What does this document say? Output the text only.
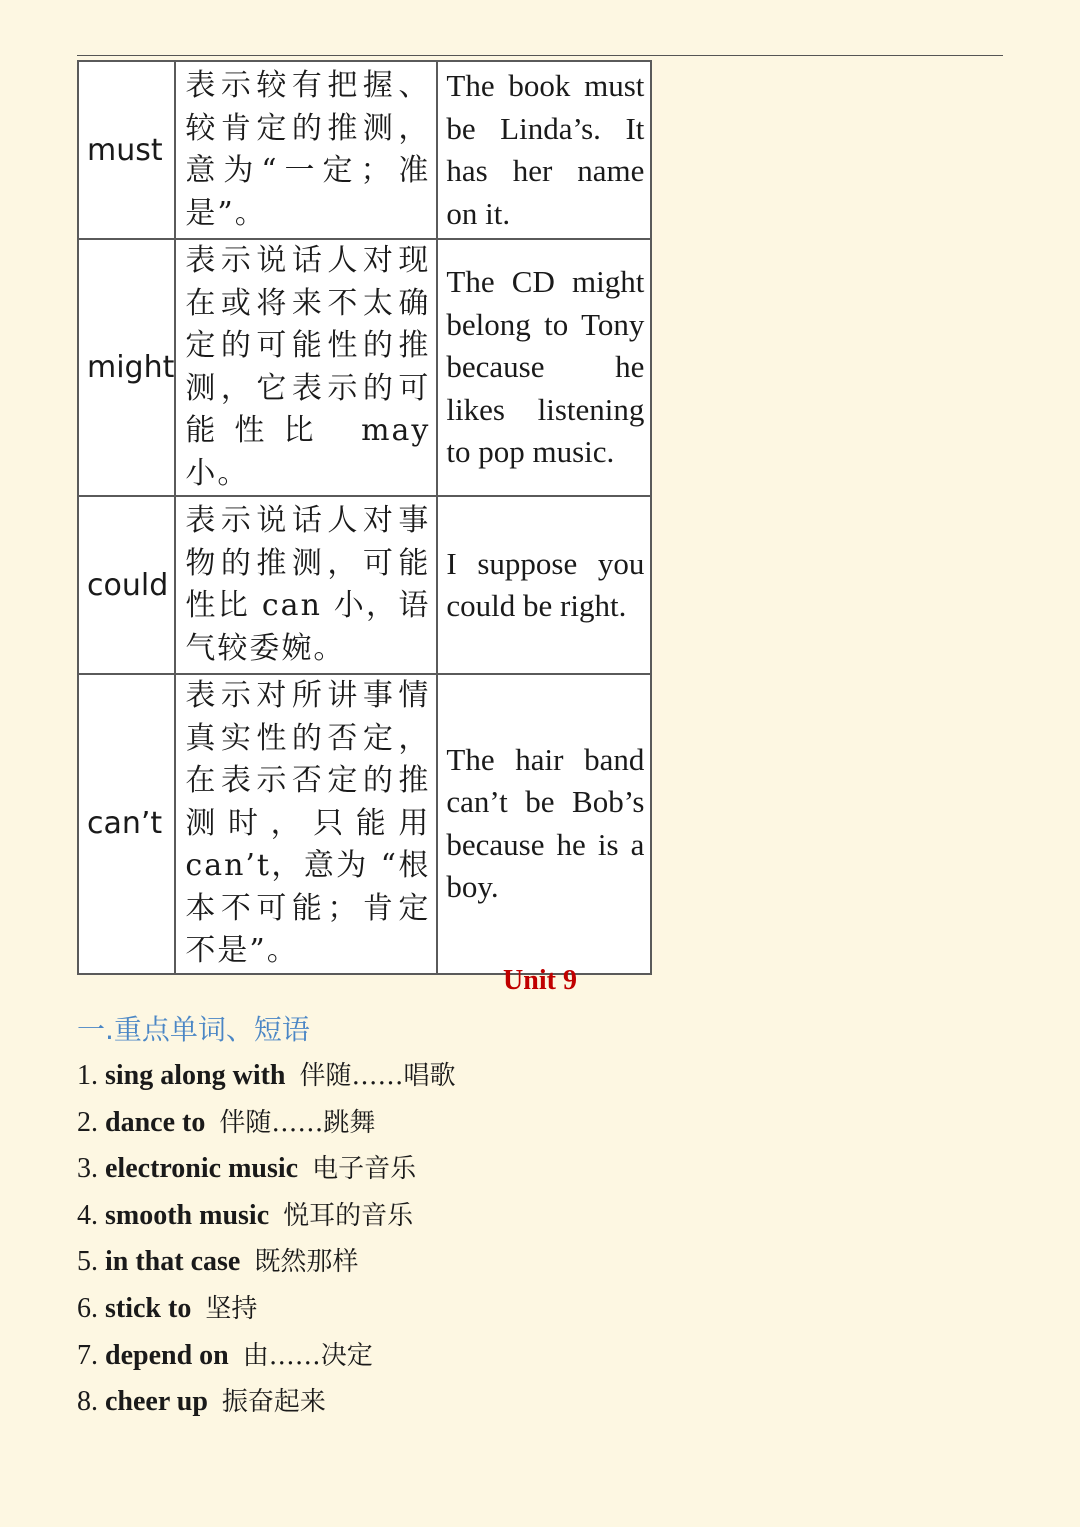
must	表示较有把握、较肯定的推测，意为“一定；准是”。	The book must be Linda’s. It has her name on it.
might	表示说话人对现在或将来不太确定的可能性的推测，它表示的可能性比 may 小。	The CD might belong to Tony because he likes listening to pop music.
could	表示说话人对事物的推测，可能性比 can 小，语气较委婉。	I suppose you could be right.
can’t	表示对所讲事情真实性的否定，在表示否定的推测时，只能用 can’t，意为 “根本不可能；肯定不是”。	The hair band can’t be Bob’s because he is a boy.
Unit 9
一.重点单词、短语
1. sing along with 伴随……唱歌
2. dance to 伴随……跳舞
3. electronic music 电子音乐
4. smooth music 悦耳的音乐
5. in that case 既然那样
6. stick to 坚持
7. depend on 由……决定
8. cheer up 振奋起来
